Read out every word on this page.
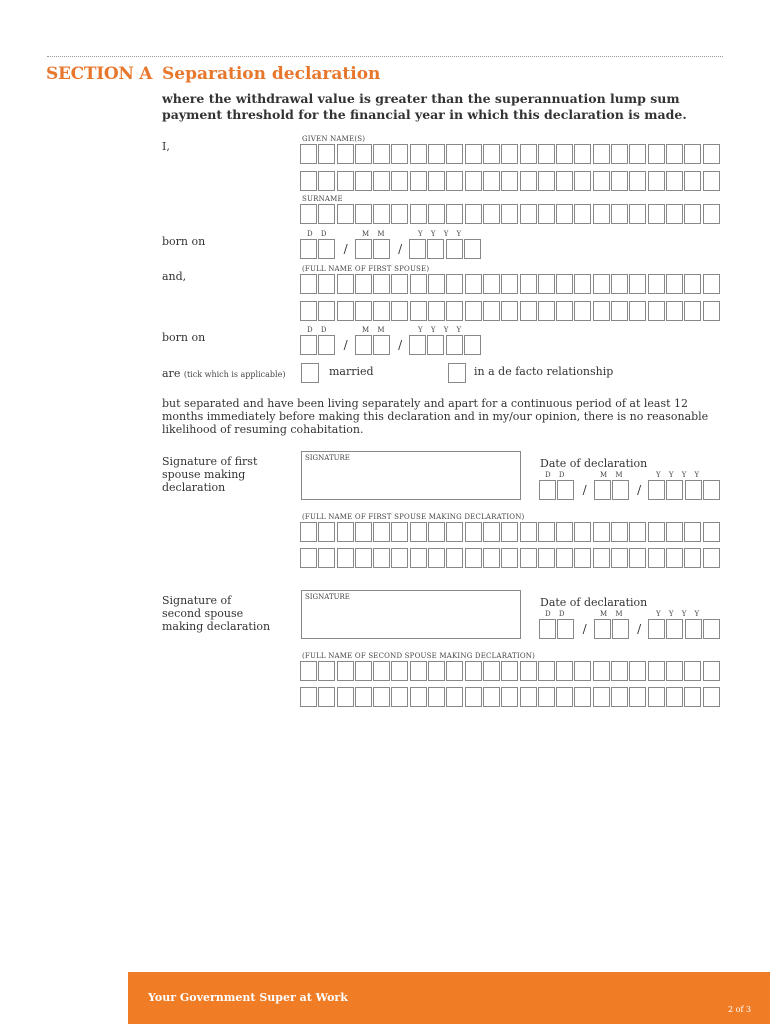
SECTION A Separation declaration
where the withdrawal value is greater than the superannuation lump sum payment threshold for the financial year in which this declaration is made.
I,
GIVEN NAME(S)
SURNAME
born on
D D	M M	Y Y Y Y
/	/
and,
(FULL NAME OF FIRST SPOUSE)
born on
D D	M M	Y Y Y Y
/	/
are (tick which is applicable)	married	in a de facto relationship
but separated and have been living separately and apart for a continuous period of at least 12 months immediately before making this declaration and in my/our opinion, there is no reasonable likelihood of resuming cohabitation.
Signature of first spouse making declaration
SIGNATURE	Date of declaration
D D	M M	Y Y Y Y
/	/
(FULL NAME OF FIRST SPOUSE MAKING DECLARATION)
Signature of second spouse making declaration
SIGNATURE	Date of declaration
D D	M M	Y Y Y Y
/	/
(FULL NAME OF SECOND SPOUSE MAKING DECLARATION)
Your Government Super at Work
2 of 3
